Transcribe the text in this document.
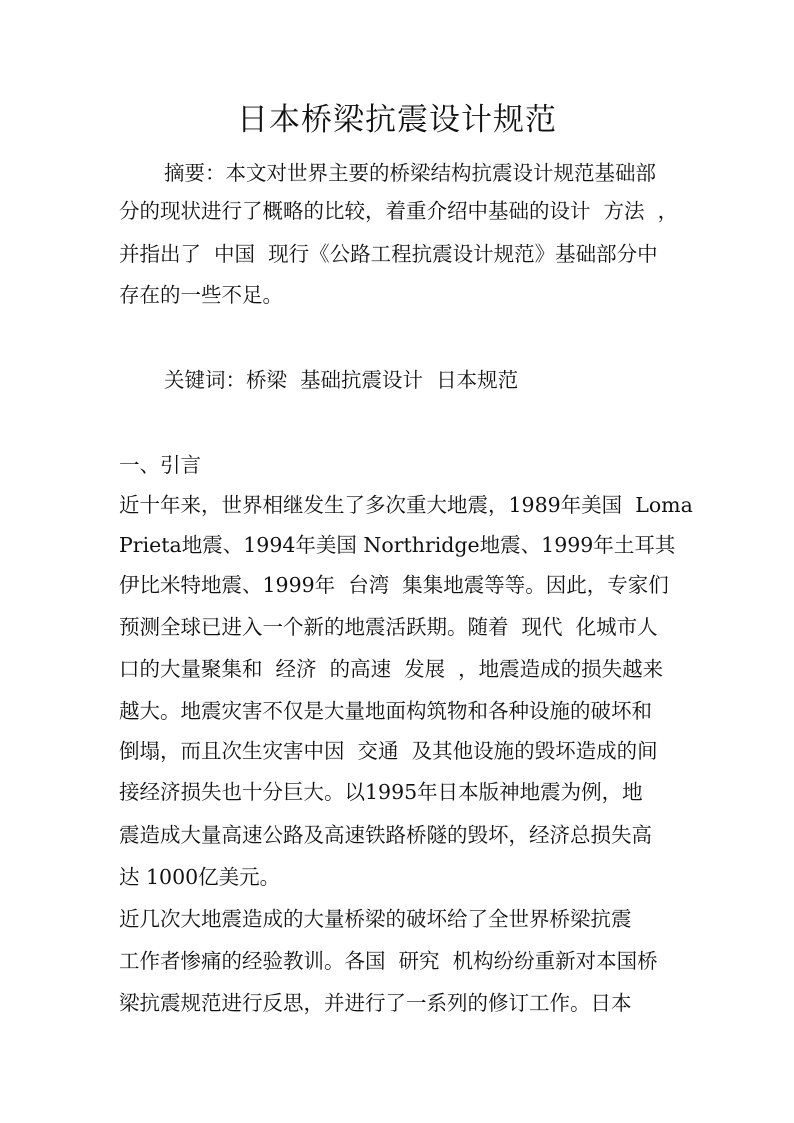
日本桥梁抗震设计规范
摘要：本文对世界主要的桥梁结构抗震设计规范基础部
分的现状进行了概略的比较，着重介绍中基础的设计  方法  ，
并指出了  中国  现行《公路工程抗震设计规范》基础部分中
存在的一些不足。
关键词：桥梁  基础抗震设计  日本规范
一、引言
近十年来，世界相继发生了多次重大地震，1989年美国  Loma
Prieta地震、1994年美国 Northridge地震、1999年土耳其
伊比米特地震、1999年  台湾  集集地震等等。因此，专家们
预测全球已进入一个新的地震活跃期。随着  现代  化城市人
口的大量聚集和  经济  的高速  发展  ，地震造成的损失越来
越大。地震灾害不仅是大量地面构筑物和各种设施的破坏和
倒塌，而且次生灾害中因  交通  及其他设施的毁坏造成的间
接经济损失也十分巨大。以1995年日本版神地震为例，地
震造成大量高速公路及高速铁路桥隧的毁坏，经济总损失高
达 1000亿美元。
近几次大地震造成的大量桥梁的破坏给了全世界桥梁抗震
工作者惨痛的经验教训。各国  研究  机构纷纷重新对本国桥
梁抗震规范进行反思，并进行了一系列的修订工作。日本
